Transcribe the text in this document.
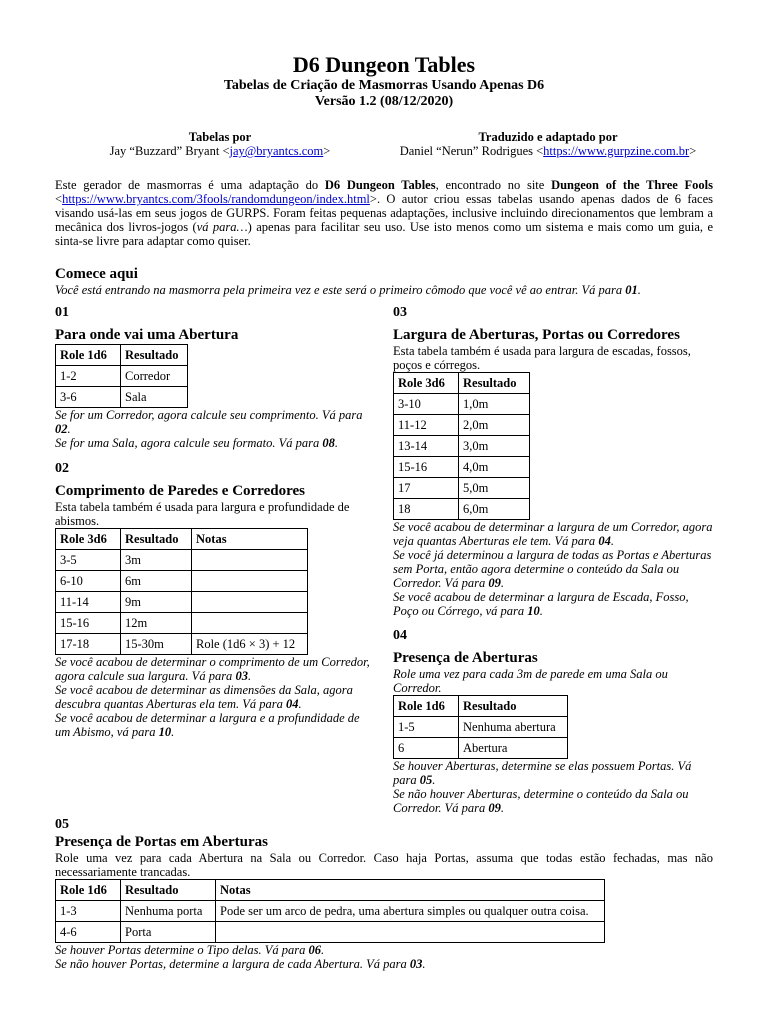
D6 Dungeon Tables
Tabelas de Criação de Masmorras Usando Apenas D6
Versão 1.2 (08/12/2020)
Tabelas por
Jay “Buzzard” Bryant <jay@bryantcs.com>
Traduzido e adaptado por
Daniel “Nerun” Rodrigues <https://www.gurpzine.com.br>
Este gerador de masmorras é uma adaptação do D6 Dungeon Tables, encontrado no site Dungeon of the Three Fools <https://www.bryantcs.com/3fools/randomdungeon/index.html>. O autor criou essas tabelas usando apenas dados de 6 faces visando usá-las em seus jogos de GURPS. Foram feitas pequenas adaptações, inclusive incluindo direcionamentos que lembram a mecânica dos livros-jogos (vá para…) apenas para facilitar seu uso. Use isto menos como um sistema e mais como um guia, e sinta-se livre para adaptar como quiser.
Comece aqui
Você está entrando na masmorra pela primeira vez e este será o primeiro cômodo que você vê ao entrar. Vá para 01.
01
Para onde vai uma Abertura
Role 1d6	Resultado
1-2	Corredor
3-6	Sala
Se for um Corredor, agora calcule seu comprimento. Vá para 02.
Se for uma Sala, agora calcule seu formato. Vá para 08.
02
Comprimento de Paredes e Corredores
Esta tabela também é usada para largura e profundidade de abismos.
Role 3d6	Resultado	Notas
3-5	3m	
6-10	6m	
11-14	9m	
15-16	12m	
17-18	15-30m	Role (1d6 × 3) + 12
Se você acabou de determinar o comprimento de um Corredor, agora calcule sua largura. Vá para 03.
Se você acabou de determinar as dimensões da Sala, agora descubra quantas Aberturas ela tem. Vá para 04.
Se você acabou de determinar a largura e a profundidade de um Abismo, vá para 10.
03
Largura de Aberturas, Portas ou Corredores
Esta tabela também é usada para largura de escadas, fossos, poços e córregos.
Role 3d6	Resultado
3-10	1,0m
11-12	2,0m
13-14	3,0m
15-16	4,0m
17	5,0m
18	6,0m
Se você acabou de determinar a largura de um Corredor, agora veja quantas Aberturas ele tem. Vá para 04.
Se você já determinou a largura de todas as Portas e Aberturas sem Porta, então agora determine o conteúdo da Sala ou Corredor. Vá para 09.
Se você acabou de determinar a largura de Escada, Fosso, Poço ou Córrego, vá para 10.
04
Presença de Aberturas
Role uma vez para cada 3m de parede em uma Sala ou Corredor.
Role 1d6	Resultado
1-5	Nenhuma abertura
6	Abertura
Se houver Aberturas, determine se elas possuem Portas. Vá para 05.
Se não houver Aberturas, determine o conteúdo da Sala ou Corredor. Vá para 09.
05
Presença de Portas em Aberturas
Role uma vez para cada Abertura na Sala ou Corredor. Caso haja Portas, assuma que todas estão fechadas, mas não necessariamente trancadas.
Role 1d6	Resultado	Notas
1-3	Nenhuma porta	Pode ser um arco de pedra, uma abertura simples ou qualquer outra coisa.
4-6	Porta	
Se houver Portas determine o Tipo delas. Vá para 06.
Se não houver Portas, determine a largura de cada Abertura. Vá para 03.
